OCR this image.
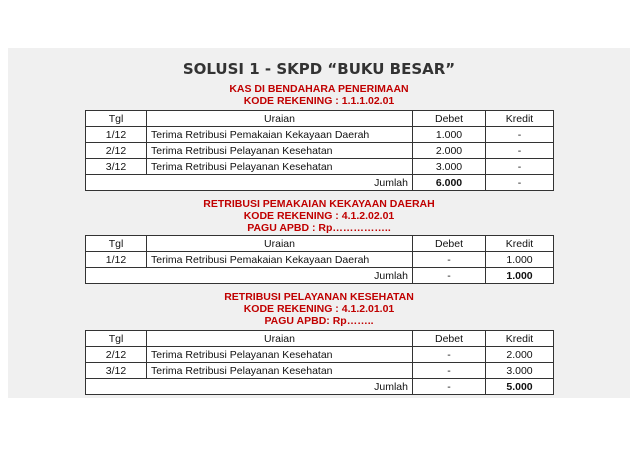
SOLUSI 1 - SKPD “BUKU BESAR”
KAS DI BENDAHARA PENERIMAAN
KODE REKENING : 1.1.1.02.01
Tgl	Uraian	Debet	Kredit
1/12	Terima Retribusi Pemakaian Kekayaan Daerah	1.000	-
2/12	Terima Retribusi Pelayanan Kesehatan	2.000	-
3/12	Terima Retribusi Pelayanan Kesehatan	3.000	-
Jumlah		6.000	-
RETRIBUSI PEMAKAIAN KEKAYAAN DAERAH
KODE REKENING : 4.1.2.02.01
PAGU APBD : Rp……………..
Tgl	Uraian	Debet	Kredit
1/12	Terima Retribusi Pemakaian Kekayaan Daerah	-	1.000
Jumlah		-	1.000
RETRIBUSI PELAYANAN KESEHATAN
KODE REKENING : 4.1.2.01.01
PAGU APBD: Rp……..
Tgl	Uraian	Debet	Kredit
2/12	Terima Retribusi Pelayanan Kesehatan	-	2.000
3/12	Terima Retribusi Pelayanan Kesehatan	-	3.000
Jumlah		-	5.000
